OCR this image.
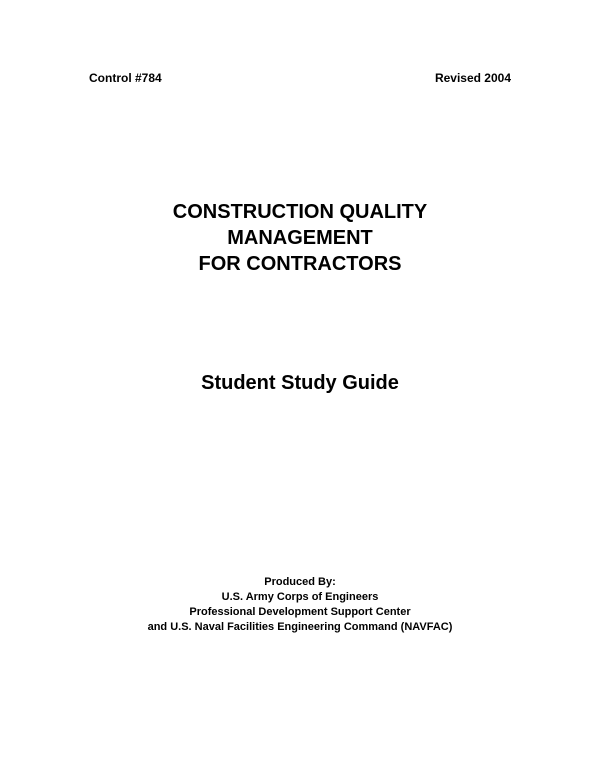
Control #784	Revised 2004
CONSTRUCTION QUALITY
MANAGEMENT
FOR CONTRACTORS
Student Study Guide
Produced By:
U.S. Army Corps of Engineers
Professional Development Support Center
and U.S. Naval Facilities Engineering Command (NAVFAC)
